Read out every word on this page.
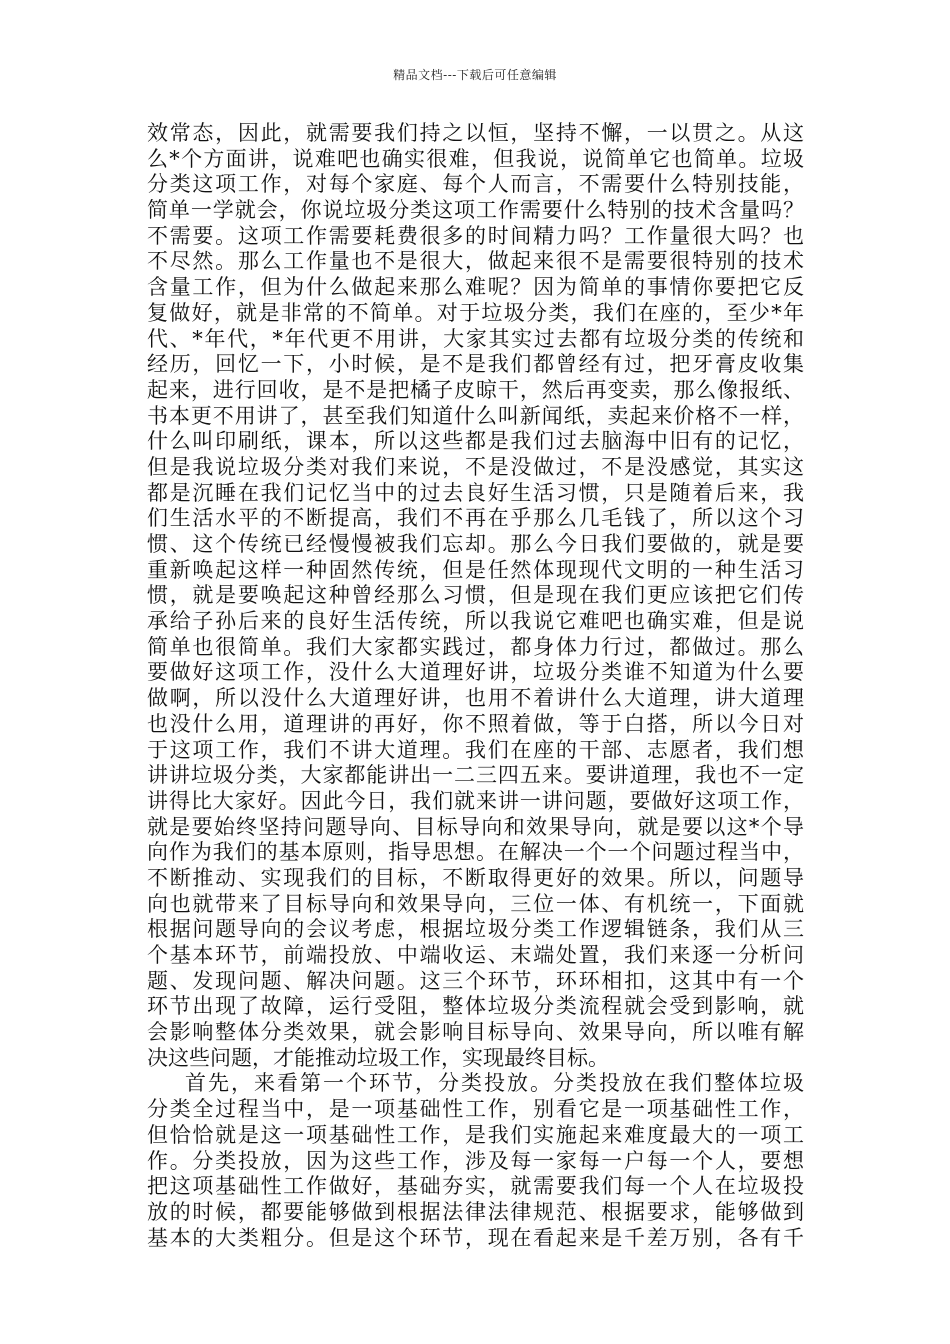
精品文档---下载后可任意编辑
效常态，因此，就需要我们持之以恒，坚持不懈，一以贯之。从这
么*个方面讲，说难吧也确实很难，但我说，说简单它也简单。垃圾
分类这项工作，对每个家庭、每个人而言，不需要什么特别技能，
简单一学就会，你说垃圾分类这项工作需要什么特别的技术含量吗？
不需要。这项工作需要耗费很多的时间精力吗？工作量很大吗？也
不尽然。那么工作量也不是很大，做起来很不是需要很特别的技术
含量工作，但为什么做起来那么难呢？因为简单的事情你要把它反
复做好，就是非常的不简单。对于垃圾分类，我们在座的，至少*年
代、*年代，*年代更不用讲，大家其实过去都有垃圾分类的传统和
经历，回忆一下，小时候，是不是我们都曾经有过，把牙膏皮收集
起来，进行回收，是不是把橘子皮晾干，然后再变卖，那么像报纸、
书本更不用讲了，甚至我们知道什么叫新闻纸，卖起来价格不一样，
什么叫印刷纸，课本，所以这些都是我们过去脑海中旧有的记忆，
但是我说垃圾分类对我们来说，不是没做过，不是没感觉，其实这
都是沉睡在我们记忆当中的过去良好生活习惯，只是随着后来，我
们生活水平的不断提高，我们不再在乎那么几毛钱了，所以这个习
惯、这个传统已经慢慢被我们忘却。那么今日我们要做的，就是要
重新唤起这样一种固然传统，但是任然体现现代文明的一种生活习
惯，就是要唤起这种曾经那么习惯，但是现在我们更应该把它们传
承给子孙后来的良好生活传统，所以我说它难吧也确实难，但是说
简单也很简单。我们大家都实践过，都身体力行过，都做过。那么
要做好这项工作，没什么大道理好讲，垃圾分类谁不知道为什么要
做啊，所以没什么大道理好讲，也用不着讲什么大道理，讲大道理
也没什么用，道理讲的再好，你不照着做，等于白搭，所以今日对
于这项工作，我们不讲大道理。我们在座的干部、志愿者，我们想
讲讲垃圾分类，大家都能讲出一二三四五来。要讲道理，我也不一定
讲得比大家好。因此今日，我们就来讲一讲问题，要做好这项工作，
就是要始终坚持问题导向、目标导向和效果导向，就是要以这*个导
向作为我们的基本原则，指导思想。在解决一个一个问题过程当中，
不断推动、实现我们的目标，不断取得更好的效果。所以，问题导
向也就带来了目标导向和效果导向，三位一体、有机统一，下面就
根据问题导向的会议考虑，根据垃圾分类工作逻辑链条，我们从三
个基本环节，前端投放、中端收运、末端处置，我们来逐一分析问
题、发现问题、解决问题。这三个环节，环环相扣，这其中有一个
环节出现了故障，运行受阻，整体垃圾分类流程就会受到影响，就
会影响整体分类效果，就会影响目标导向、效果导向，所以唯有解
决这些问题，才能推动垃圾工作，实现最终目标。
首先，来看第一个环节，分类投放。分类投放在我们整体垃圾
分类全过程当中，是一项基础性工作，别看它是一项基础性工作，
但恰恰就是这一项基础性工作，是我们实施起来难度最大的一项工
作。分类投放，因为这些工作，涉及每一家每一户每一个人，要想
把这项基础性工作做好，基础夯实，就需要我们每一个人在垃圾投
放的时候，都要能够做到根据法律法律规范、根据要求，能够做到
基本的大类粗分。但是这个环节，现在看起来是千差万别，各有千
